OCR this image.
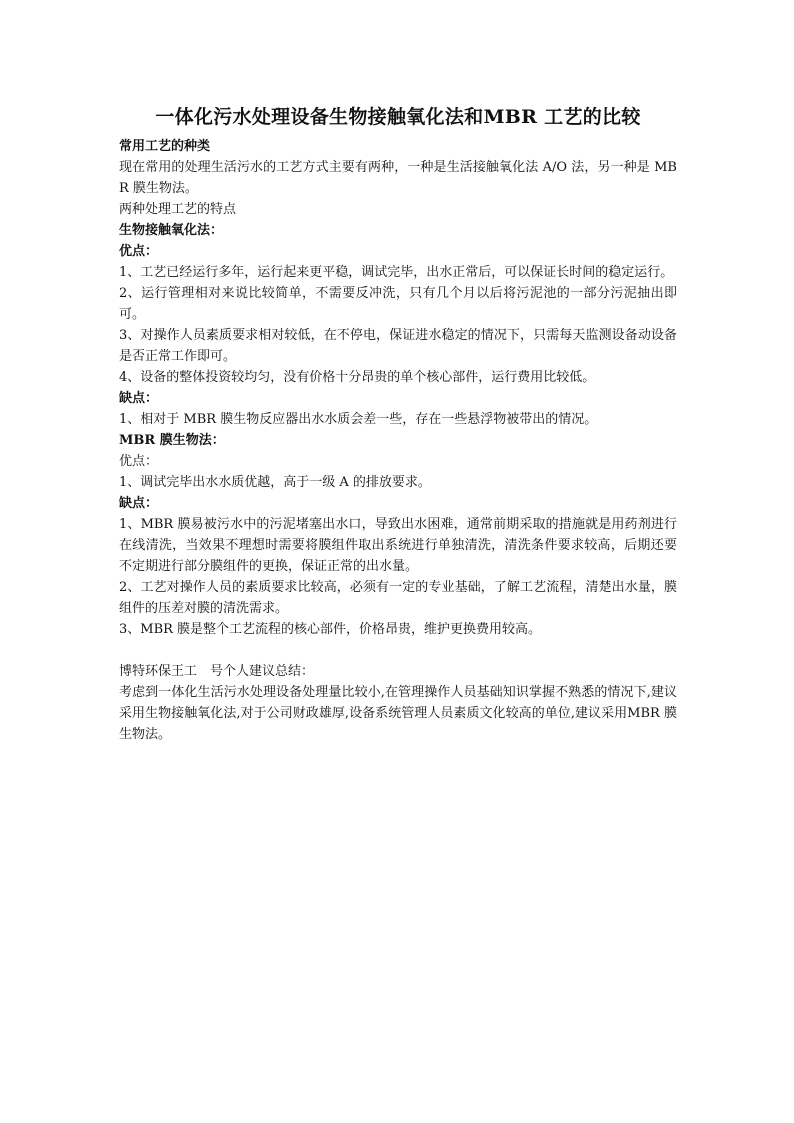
一体化污水处理设备生物接触氧化法和MBR 工艺的比较

常用工艺的种类

现在常用的处理生活污水的工艺方式主要有两种，一种是生活接触氧化法 A/O 法，另一种是 MBR 膜生物法。

两种处理工艺的特点

生物接触氧化法：

优点：

1、工艺已经运行多年，运行起来更平稳，调试完毕，出水正常后，可以保证长时间的稳定运行。

2、运行管理相对来说比较简单，不需要反冲洗，只有几个月以后将污泥池的一部分污泥抽出即可。

3、对操作人员素质要求相对较低，在不停电，保证进水稳定的情况下，只需每天监测设备动设备是否正常工作即可。

4、设备的整体投资较均匀，没有价格十分昂贵的单个核心部件，运行费用比较低。

缺点：

1、相对于 MBR 膜生物反应器出水水质会差一些，存在一些悬浮物被带出的情况。

MBR 膜生物法：

优点：

1、调试完毕出水水质优越，高于一级 A 的排放要求。

缺点：

1、MBR 膜易被污水中的污泥堵塞出水口，导致出水困难，通常前期采取的措施就是用药剂进行在线清洗，当效果不理想时需要将膜组件取出系统进行单独清洗，清洗条件要求较高，后期还要不定期进行部分膜组件的更换，保证正常的出水量。

2、工艺对操作人员的素质要求比较高，必须有一定的专业基础，了解工艺流程，清楚出水量，膜组件的压差对膜的清洗需求。

3、MBR 膜是整个工艺流程的核心部件，价格昂贵，维护更换费用较高。

博特环保王工　号个人建议总结：

考虑到一体化生活污水处理设备处理量比较小,在管理操作人员基础知识掌握不熟悉的情况下,建议采用生物接触氧化法,对于公司财政雄厚,设备系统管理人员素质文化较高的单位,建议采用MBR 膜生物法。
